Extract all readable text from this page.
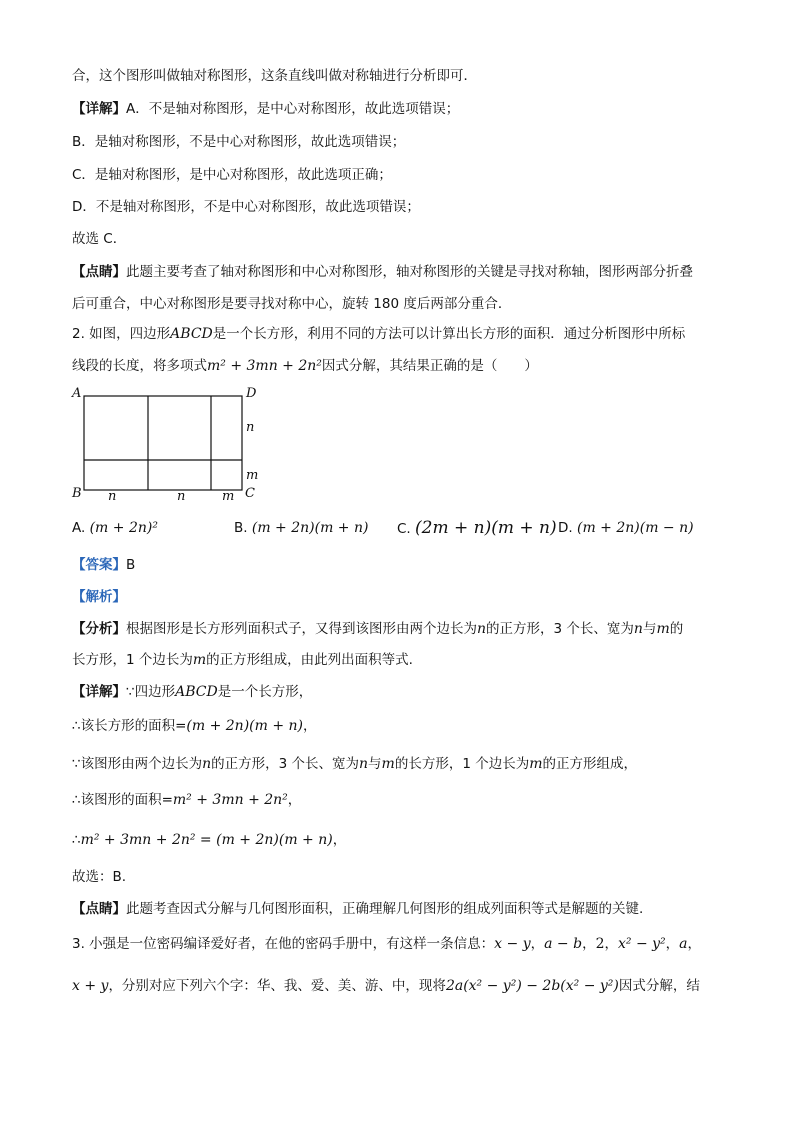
合，这个图形叫做轴对称图形，这条直线叫做对称轴进行分析即可．
【详解】A．不是轴对称图形，是中心对称图形，故此选项错误；
B．是轴对称图形，不是中心对称图形，故此选项错误；
C．是轴对称图形，是中心对称图形，故此选项正确；
D．不是轴对称图形，不是中心对称图形，故此选项错误；
故选 C．
【点睛】此题主要考查了轴对称图形和中心对称图形，轴对称图形的关键是寻找对称轴，图形两部分折叠
后可重合，中心对称图形是要寻找对称中心，旋转 180 度后两部分重合．
2. 如图，四边形ABCD是一个长方形，利用不同的方法可以计算出长方形的面积．通过分析图形中所标
线段的长度，将多项式m² + 3mn + 2n²因式分解，其结果正确的是（　　）
A	D
B	C
n
m
n	n	m
A. (m + 2n)²	B. (m + 2n)(m + n) C. (2m + n)(m + n) D. (m + 2n)(m − n)
【答案】B
【解析】
【分析】根据图形是长方形列面积式子，又得到该图形由两个边长为n的正方形，3 个长、宽为n与m的
长方形，1 个边长为m的正方形组成，由此列出面积等式.
【详解】∵四边形ABCD是一个长方形，
∴该长方形的面积=(m + 2n)(m + n)，
∵该图形由两个边长为n的正方形，3 个长、宽为n与m的长方形，1 个边长为m的正方形组成，
∴该图形的面积=m² + 3mn + 2n²，
∴m² + 3mn + 2n² = (m + 2n)(m + n)，
故选：B.
【点睛】此题考查因式分解与几何图形面积，正确理解几何图形的组成列面积等式是解题的关键.
3. 小强是一位密码编译爱好者，在他的密码手册中，有这样一条信息：x − y，a − b，2，x² − y²，a，
x + y，分别对应下列六个字：华、我、爱、美、游、中，现将2a(x² − y²) − 2b(x² − y²)因式分解，结
